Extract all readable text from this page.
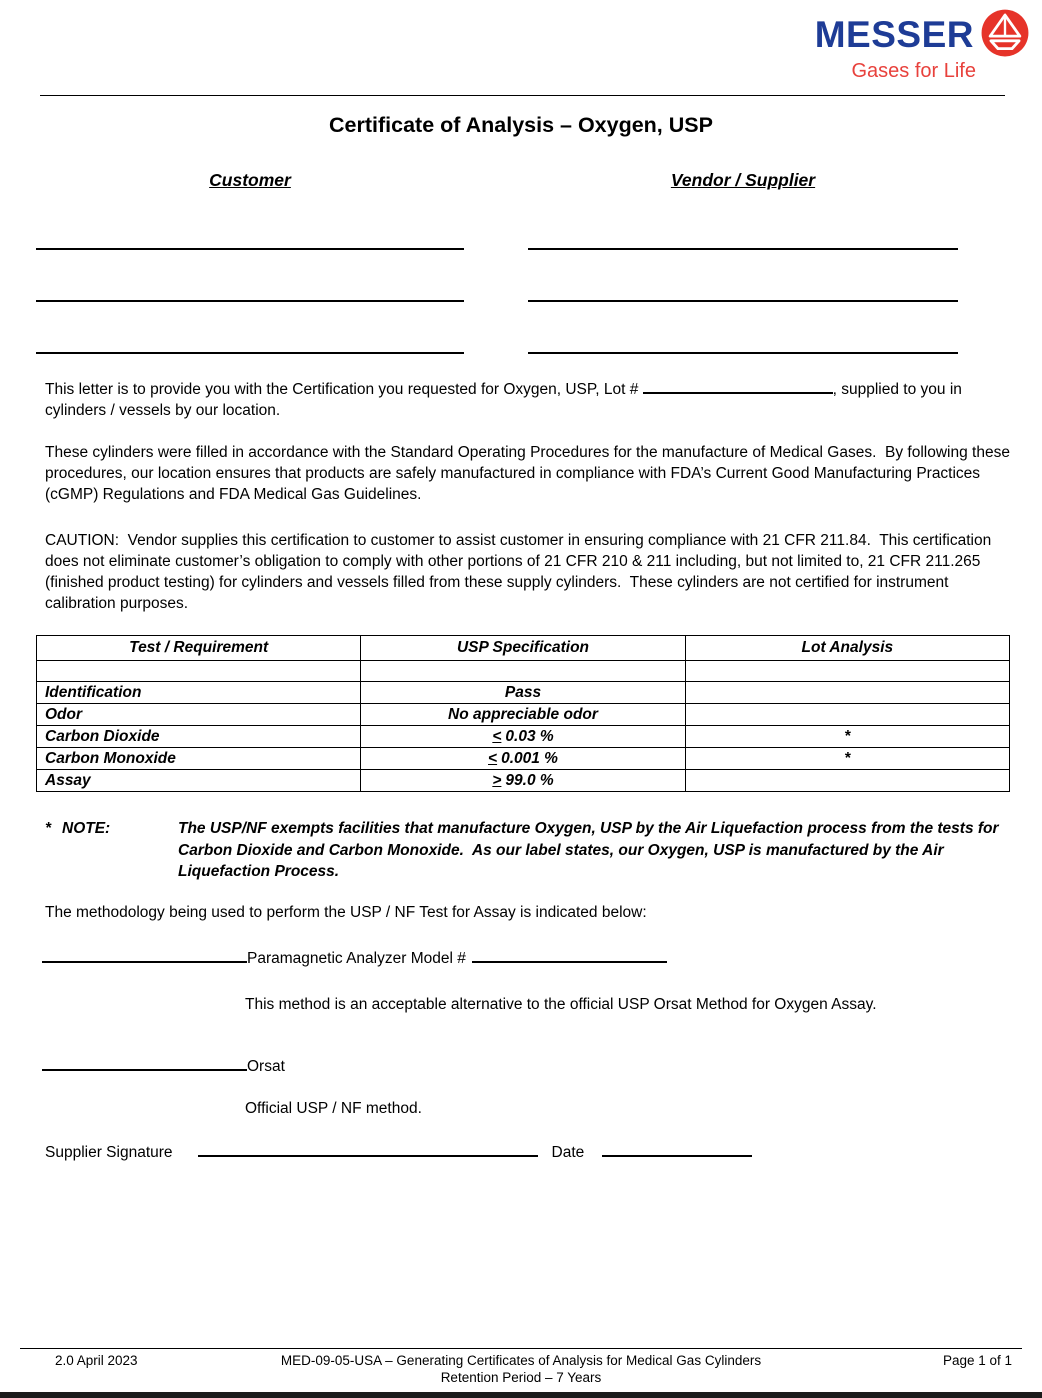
MESSER
Gases for Life
Certificate of Analysis – Oxygen, USP
Customer	Vendor / Supplier

This letter is to provide you with the Certification you requested for Oxygen, USP, Lot #	, supplied to you in cylinders / vessels by our location.

These cylinders were filled in accordance with the Standard Operating Procedures for the manufacture of Medical Gases.  By following these procedures, our location ensures that products are safely manufactured in compliance with FDA’s Current Good Manufacturing Practices (cGMP) Regulations and FDA Medical Gas Guidelines.

CAUTION:  Vendor supplies this certification to customer to assist customer in ensuring compliance with 21 CFR 211.84.  This certification does not eliminate customer’s obligation to comply with other portions of 21 CFR 210 & 211 including, but not limited to, 21 CFR 211.265 (finished product testing) for cylinders and vessels filled from these supply cylinders.  These cylinders are not certified for instrument calibration purposes.

Test / Requirement	USP Specification	Lot Analysis

Identification	Pass	
Odor	No appreciable odor	
Carbon Dioxide	≤ 0.03 %	*
Carbon Monoxide	≤ 0.001 %	*
Assay	≥ 99.0 %	
* NOTE:	The USP/NF exempts facilities that manufacture Oxygen, USP by the Air Liquefaction process from the tests for Carbon Dioxide and Carbon Monoxide.  As our label states, our Oxygen, USP is manufactured by the Air Liquefaction Process.

The methodology being used to perform the USP / NF Test for Assay is indicated below:

Paramagnetic Analyzer Model #

This method is an acceptable alternative to the official USP Orsat Method for Oxygen Assay.

Orsat

Official USP / NF method.

Supplier Signature	Date
2.0 April 2023	MED-09-05-USA – Generating Certificates of Analysis for Medical Gas Cylinders
Retention Period – 7 Years
Page 1 of 1
